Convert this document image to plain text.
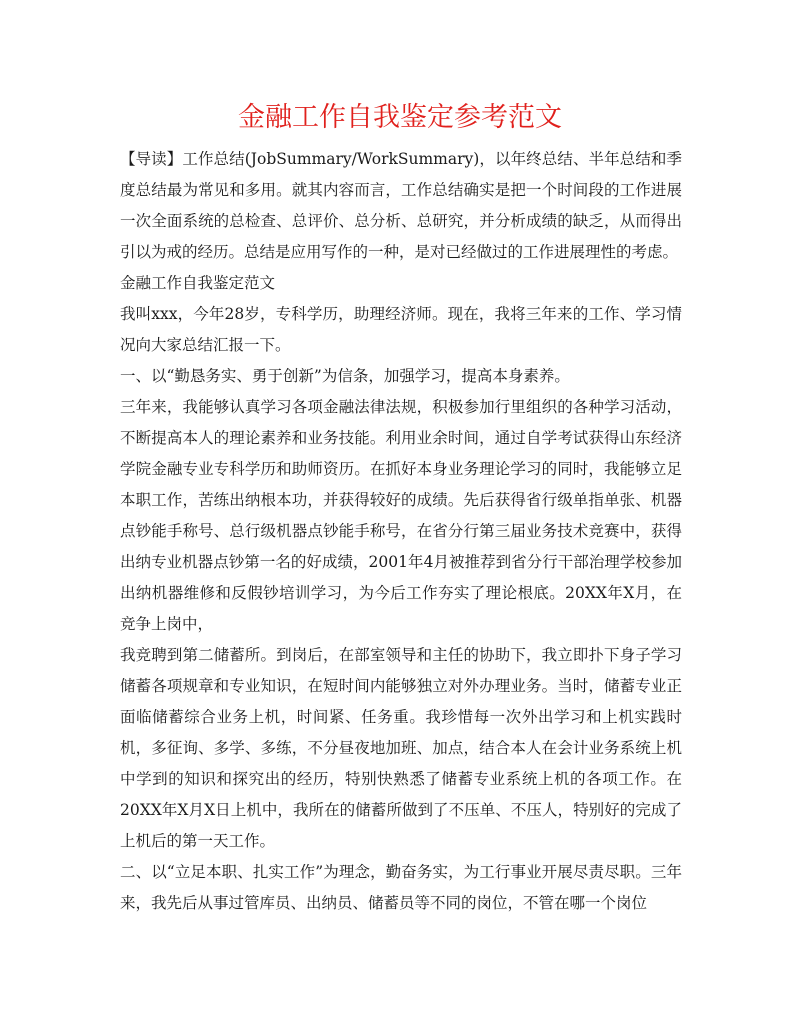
金融工作自我鉴定参考范文

【导读】工作总结(JobSummary/WorkSummary)，以年终总结、半年总结和季度总结最为常见和多用。就其内容而言，工作总结确实是把一个时间段的工作进展一次全面系统的总检查、总评价、总分析、总研究，并分析成绩的缺乏，从而得出引以为戒的经历。总结是应用写作的一种，是对已经做过的工作进展理性的考虑。

金融工作自我鉴定范文

我叫xxx，今年28岁，专科学历，助理经济师。现在，我将三年来的工作、学习情况向大家总结汇报一下。

一、以“勤恳务实、勇于创新”为信条，加强学习，提高本身素养。

三年来，我能够认真学习各项金融法律法规，积极参加行里组织的各种学习活动，不断提高本人的理论素养和业务技能。利用业余时间，通过自学考试获得山东经济学院金融专业专科学历和助师资历。在抓好本身业务理论学习的同时，我能够立足本职工作，苦练出纳根本功，并获得较好的成绩。先后获得省行级单指单张、机器点钞能手称号、总行级机器点钞能手称号，在省分行第三届业务技术竞赛中，获得出纳专业机器点钞第一名的好成绩，2001年4月被推荐到省分行干部治理学校参加出纳机器维修和反假钞培训学习，为今后工作夯实了理论根底。20XX年X月，在竞争上岗中，

我竞聘到第二储蓄所。到岗后，在部室领导和主任的协助下，我立即扑下身子学习储蓄各项规章和专业知识，在短时间内能够独立对外办理业务。当时，储蓄专业正面临储蓄综合业务上机，时间紧、任务重。我珍惜每一次外出学习和上机实践时机，多征询、多学、多练，不分昼夜地加班、加点，结合本人在会计业务系统上机中学到的知识和探究出的经历，特别快熟悉了储蓄专业系统上机的各项工作。在20XX年X月X日上机中，我所在的储蓄所做到了不压单、不压人，特别好的完成了上机后的第一天工作。

二、以“立足本职、扎实工作”为理念，勤奋务实，为工行事业开展尽责尽职。三年来，我先后从事过管库员、出纳员、储蓄员等不同的岗位，不管在哪一个岗位
